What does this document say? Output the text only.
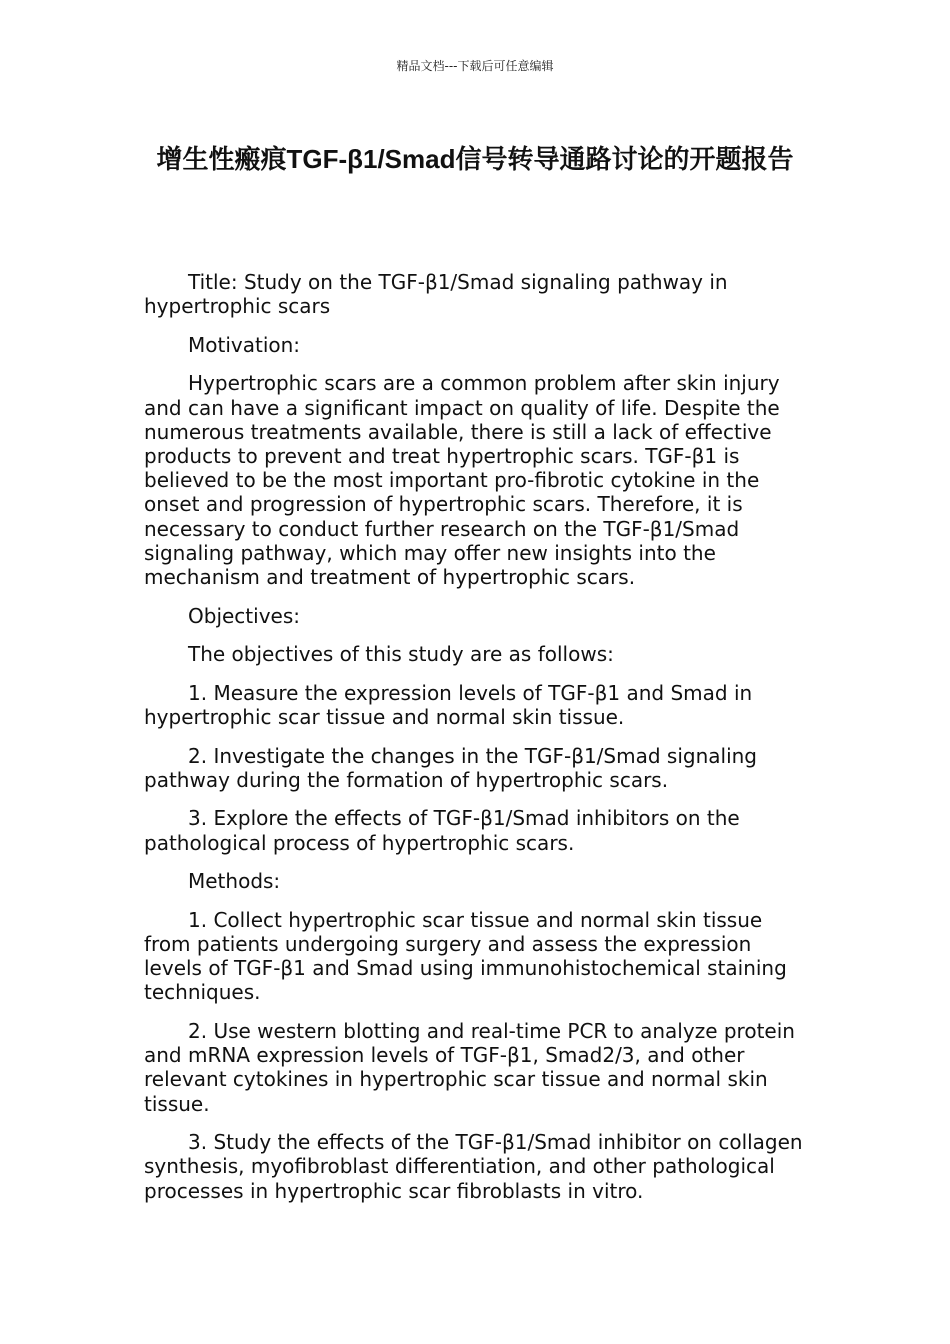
精品文档---下载后可任意编辑
增生性瘢痕TGF-β1/Smad信号转导通路讨论的开题报告

Title: Study on the TGF-β1/Smad signaling pathway in hypertrophic scars

Motivation:

Hypertrophic scars are a common problem after skin injury and can have a significant impact on quality of life. Despite the numerous treatments available, there is still a lack of effective products to prevent and treat hypertrophic scars. TGF-β1 is believed to be the most important pro-fibrotic cytokine in the onset and progression of hypertrophic scars. Therefore, it is necessary to conduct further research on the TGF-β1/Smad signaling pathway, which may offer new insights into the mechanism and treatment of hypertrophic scars.

Objectives:

The objectives of this study are as follows:

1. Measure the expression levels of TGF-β1 and Smad in hypertrophic scar tissue and normal skin tissue.

2. Investigate the changes in the TGF-β1/Smad signaling pathway during the formation of hypertrophic scars.

3. Explore the effects of TGF-β1/Smad inhibitors on the pathological process of hypertrophic scars.

Methods:

1. Collect hypertrophic scar tissue and normal skin tissue from patients undergoing surgery and assess the expression levels of TGF-β1 and Smad using immunohistochemical staining techniques.

2. Use western blotting and real-time PCR to analyze protein and mRNA expression levels of TGF-β1, Smad2/3, and other relevant cytokines in hypertrophic scar tissue and normal skin tissue.

3. Study the effects of the TGF-β1/Smad inhibitor on collagen synthesis, myofibroblast differentiation, and other pathological processes in hypertrophic scar fibroblasts in vitro.
